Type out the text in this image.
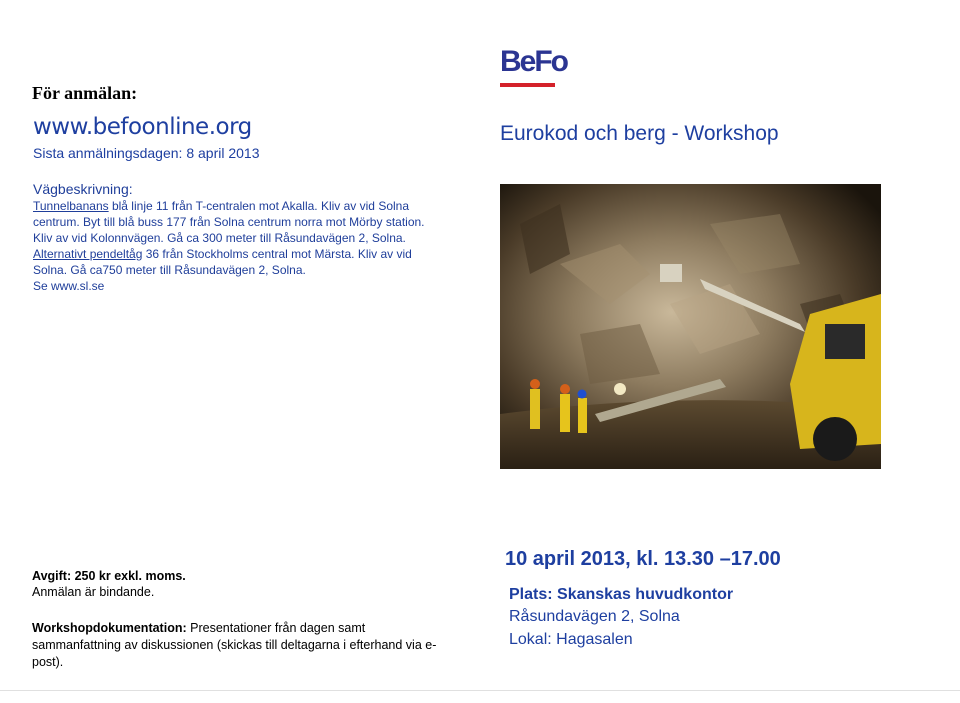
För anmälan:
www.befoonline.org
Sista anmälningsdagen: 8 april 2013
Vägbeskrivning:

Tunnelbanans blå linje 11 från T-centralen mot Akalla. Kliv av vid Solna

centrum. Byt till blå buss 177 från Solna centrum norra mot Mörby station.

Kliv av vid Kolonnvägen. Gå ca 300 meter till Råsundavägen 2, Solna.

Alternativt pendeltåg 36 från Stockholms central mot Märsta. Kliv av vid

Solna. Gå ca750 meter till Råsundavägen 2, Solna.

Se www.sl.se

BeFo
Eurokod och berg - Workshop

Avgift: 250 kr exkl. moms.

Anmälan är bindande.

Workshopdokumentation: Presentationer från dagen samt sammanfattning av diskussionen (skickas till deltagarna i efterhand via e-post).
10 april 2013, kl. 13.30 –17.00
Plats: Skanskas huvudkontor
Råsundavägen 2, Solna
Lokal: Hagasalen
